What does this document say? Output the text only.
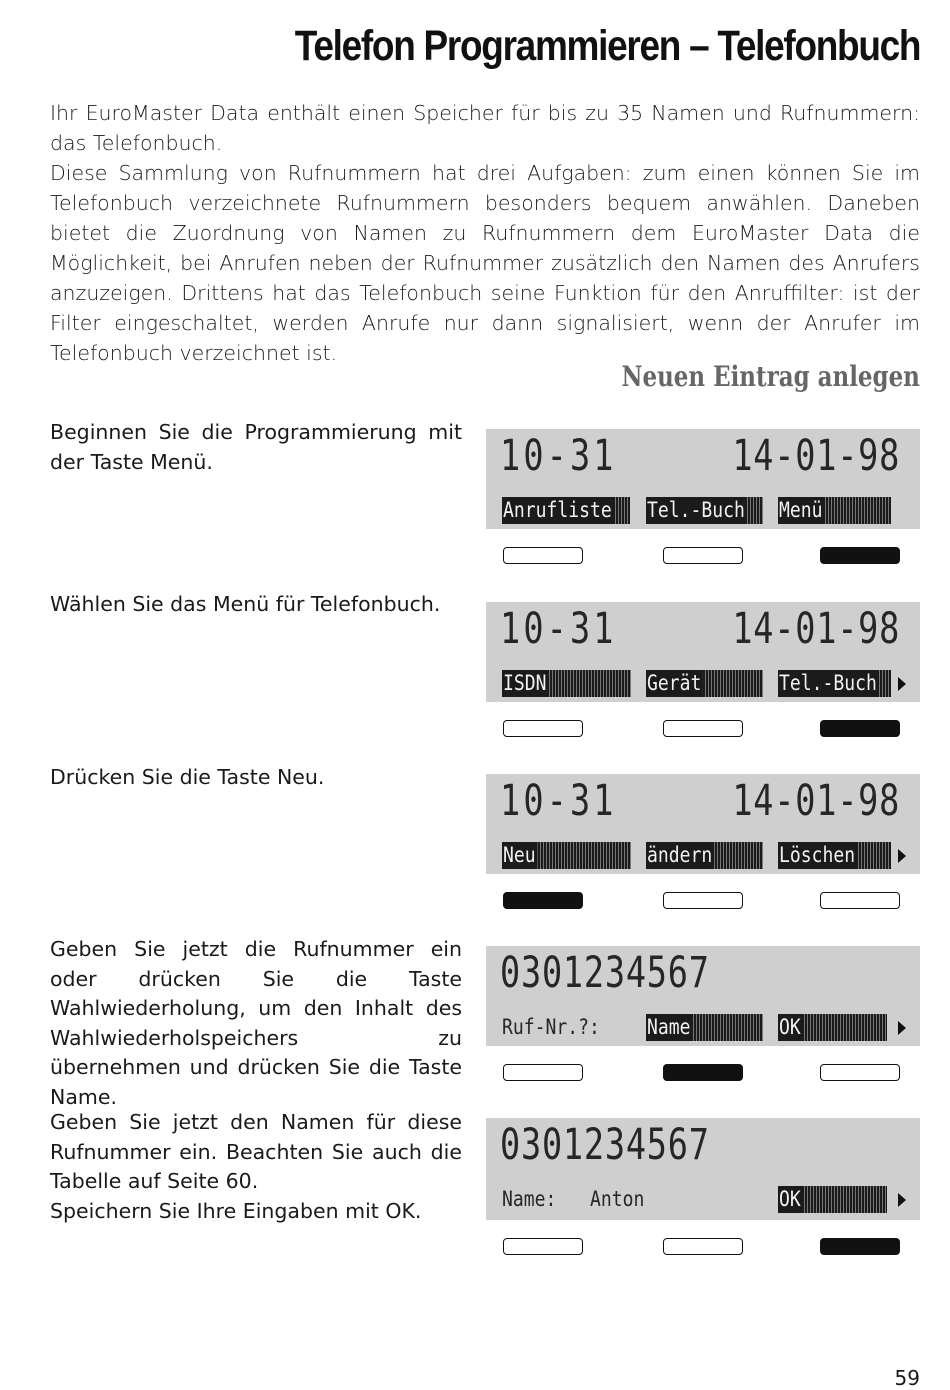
Telefon Programmieren – Telefonbuch

Ihr EuroMaster Data enthält einen Speicher für bis zu 35 Namen und Rufnummern: das Telefonbuch.

Diese Sammlung von Rufnummern hat drei Aufgaben: zum einen können Sie im Telefonbuch verzeichnete Rufnummern besonders bequem anwählen. Daneben bietet die Zuordnung von Namen zu Rufnummern dem EuroMaster Data die Möglichkeit, bei Anrufen neben der Rufnummer zusätzlich den Namen des Anrufers anzuzeigen. Drittens hat das Telefonbuch seine Funktion für den Anruffilter: ist der Filter eingeschaltet, werden Anrufe nur dann signalisiert, wenn der Anrufer im Telefonbuch verzeichnet ist.

Neuen Eintrag anlegen

Beginnen Sie die Programmierung mit der Taste Menü.	10-31	14-01-98
Anrufliste	Tel.-Buch	Menü

Wählen Sie das Menü für Telefonbuch.	10-31	14-01-98
ISDN	Gerät	Tel.-Buch

Drücken Sie die Taste Neu.	10-31	14-01-98
Neu	ändern	Löschen

Geben Sie jetzt die Rufnummer ein oder drücken Sie die Taste Wahlwiederholung, um den Inhalt des Wahlwiederholspeichers zu übernehmen und drücken Sie die Taste Name.

0301234567
Ruf-Nr.?: Name	OK

Geben Sie jetzt den Namen für diese Rufnummer ein. Beachten Sie auch die Tabelle auf Seite 60.

Speichern Sie Ihre Eingaben mit OK.

0301234567
Name: Anton	OK
59
